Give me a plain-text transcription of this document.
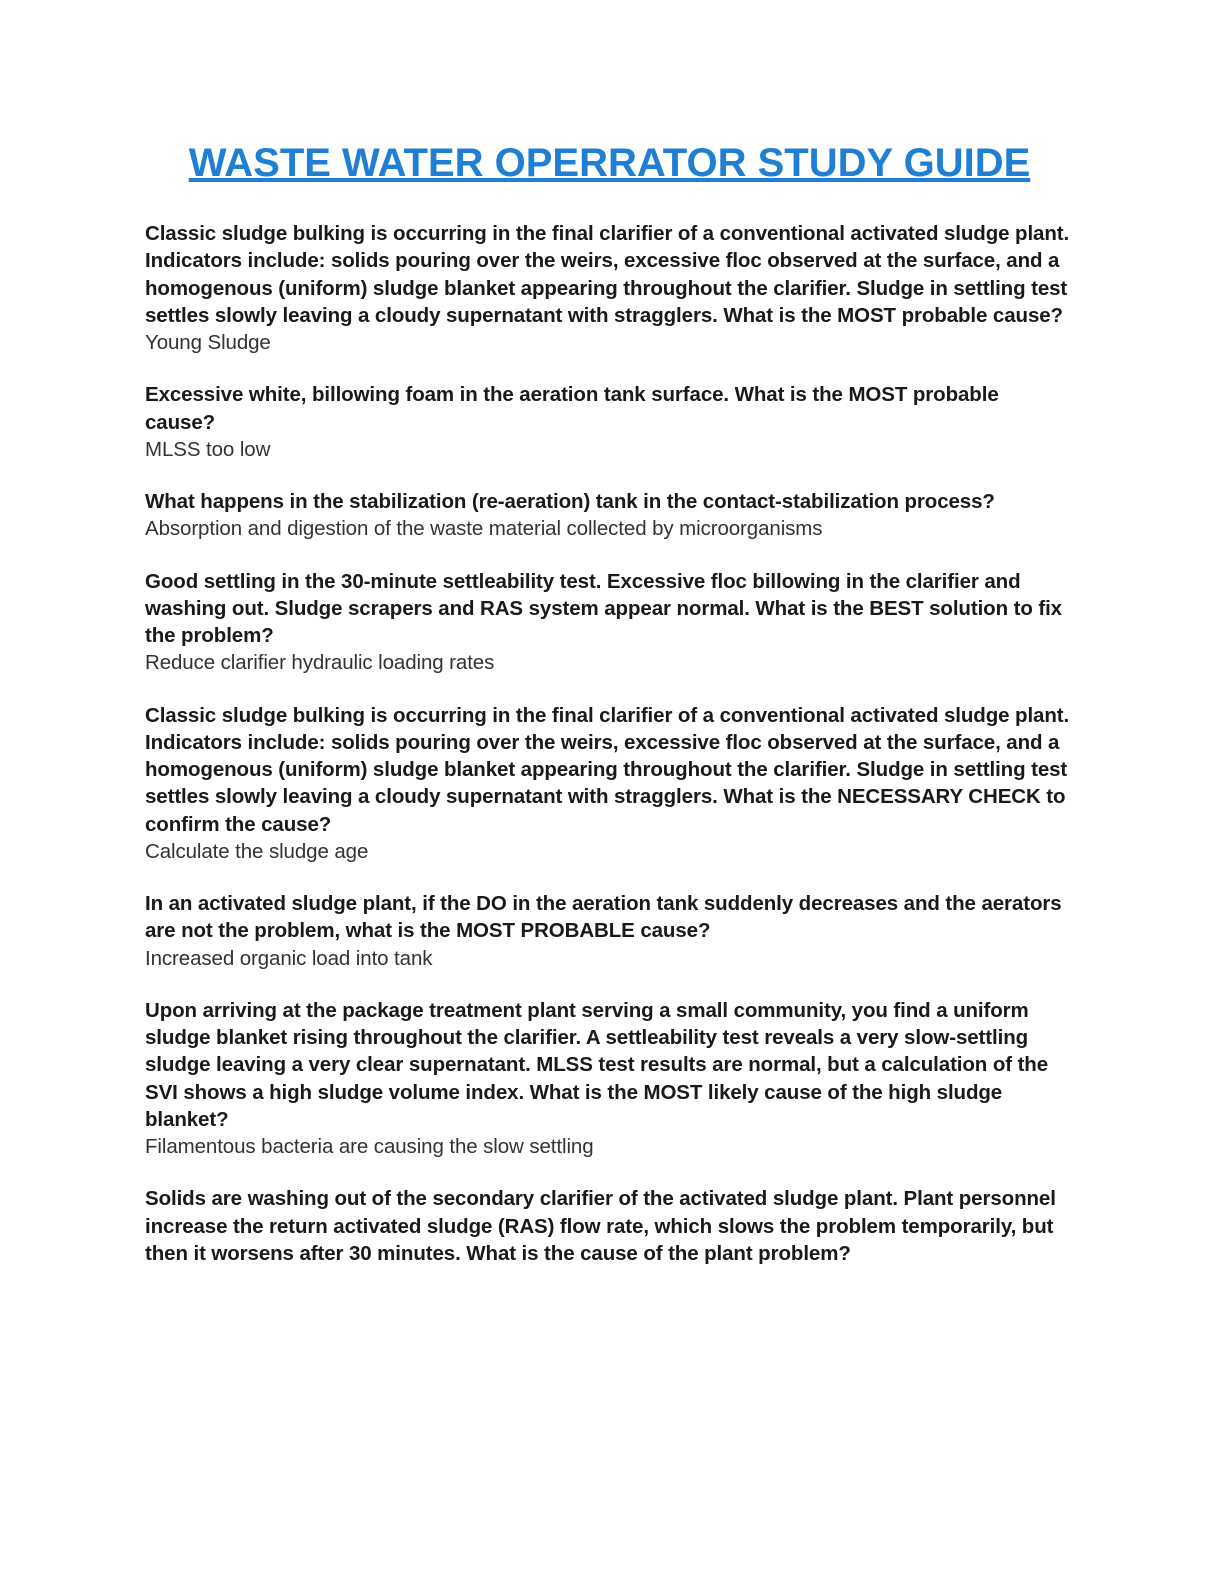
WASTE WATER OPERRATOR STUDY GUIDE

Classic sludge bulking is occurring in the final clarifier of a conventional activated sludge plant. Indicators include: solids pouring over the weirs, excessive floc observed at the surface, and a homogenous (uniform) sludge blanket appearing throughout the clarifier. Sludge in settling test settles slowly leaving a cloudy supernatant with stragglers. What is the MOST probable cause?

Young Sludge

Excessive white, billowing foam in the aeration tank surface. What is the MOST probable cause?

MLSS too low

What happens in the stabilization (re-aeration) tank in the contact-stabilization process?

Absorption and digestion of the waste material collected by microorganisms

Good settling in the 30-minute settleability test. Excessive floc billowing in the clarifier and washing out. Sludge scrapers and RAS system appear normal. What is the BEST solution to fix the problem?

Reduce clarifier hydraulic loading rates

Classic sludge bulking is occurring in the final clarifier of a conventional activated sludge plant. Indicators include: solids pouring over the weirs, excessive floc observed at the surface, and a homogenous (uniform) sludge blanket appearing throughout the clarifier. Sludge in settling test settles slowly leaving a cloudy supernatant with stragglers. What is the NECESSARY CHECK to confirm the cause?

Calculate the sludge age

In an activated sludge plant, if the DO in the aeration tank suddenly decreases and the aerators are not the problem, what is the MOST PROBABLE cause?

Increased organic load into tank

Upon arriving at the package treatment plant serving a small community, you find a uniform sludge blanket rising throughout the clarifier. A settleability test reveals a very slow-settling sludge leaving a very clear supernatant. MLSS test results are normal, but a calculation of the SVI shows a high sludge volume index. What is the MOST likely cause of the high sludge blanket?

Filamentous bacteria are causing the slow settling

Solids are washing out of the secondary clarifier of the activated sludge plant. Plant personnel increase the return activated sludge (RAS) flow rate, which slows the problem temporarily, but then it worsens after 30 minutes. What is the cause of the plant problem?
